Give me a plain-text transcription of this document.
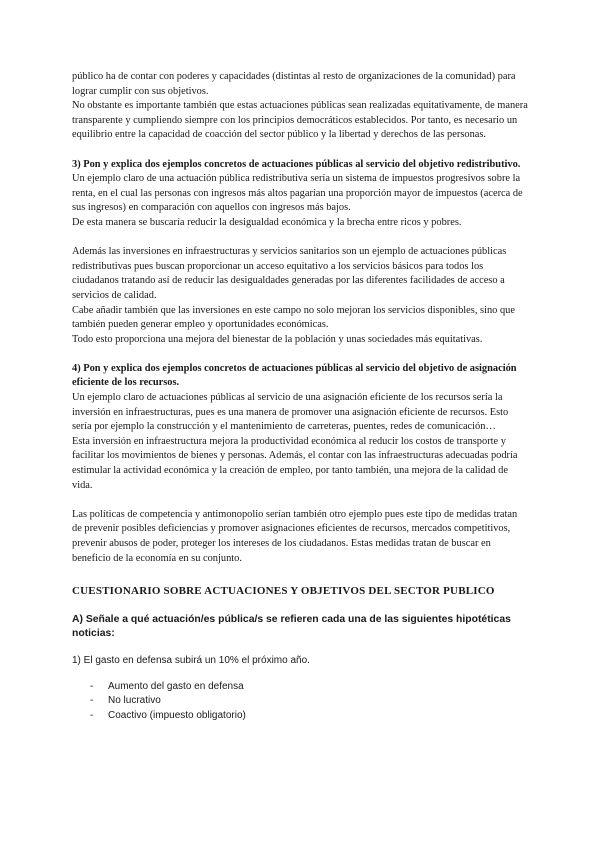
público ha de contar con poderes y capacidades (distintas al resto de organizaciones de la comunidad) para lograr cumplir con sus objetivos.

No obstante es importante también que estas actuaciones públicas sean realizadas equitativamente, de manera transparente y cumpliendo siempre con los principios democráticos establecidos. Por tanto, es necesario un equilibrio entre la capacidad de coacción del sector público y la libertad y derechos de las personas.

3) Pon y explica dos ejemplos concretos de actuaciones públicas al servicio del objetivo redistributivo.

Un ejemplo claro de una actuación pública redistributiva sería un sistema de impuestos progresivos sobre la renta, en el cual las personas con ingresos más altos pagarían una proporción mayor de impuestos (acerca de sus ingresos) en comparación con aquellos con ingresos más bajos.

De esta manera se buscaría reducir la desigualdad económica y la brecha entre ricos y pobres.

Además las inversiones en infraestructuras y servicios sanitarios son un ejemplo de actuaciones públicas redistributivas pues buscan proporcionar un acceso equitativo a los servicios básicos para todos los ciudadanos tratando así de reducir las desigualdades generadas por las diferentes facilidades de acceso a servicios de calidad.

Cabe añadir también que las inversiones en este campo no solo mejoran los servicios disponibles, sino que también pueden generar empleo y oportunidades económicas.

Todo esto proporciona una mejora del bienestar de la población y unas sociedades más equitativas.

4) Pon y explica dos ejemplos concretos de actuaciones públicas al servicio del objetivo de asignación eficiente de los recursos.

Un ejemplo claro de actuaciones públicas al servicio de una asignación eficiente de los recursos sería la inversión en infraestructuras, pues es una manera de promover una asignación eficiente de recursos. Esto sería por ejemplo la construcción y el mantenimiento de carreteras, puentes, redes de comunicación…

Esta inversión en infraestructura mejora la productividad económica al reducir los costos de transporte y facilitar los movimientos de bienes y personas. Además, el contar con las infraestructuras adecuadas podría estimular la actividad económica y la creación de empleo, por tanto también, una mejora de la calidad de vida.

Las políticas de competencia y antimonopolio serían también otro ejemplo pues este tipo de medidas tratan de prevenir posibles deficiencias y promover asignaciones eficientes de recursos, mercados competitivos, prevenir abusos de poder, proteger los intereses de los ciudadanos. Estas medidas tratan de buscar en beneficio de la economía en su conjunto.

CUESTIONARIO SOBRE ACTUACIONES Y OBJETIVOS DEL SECTOR PUBLICO

A) Señale a qué actuación/es pública/s se refieren cada una de las siguientes hipotéticas noticias:

1) El gasto en defensa subirá un 10% el próximo año.

- Aumento del gasto en defensa
- No lucrativo
- Coactivo (impuesto obligatorio)
